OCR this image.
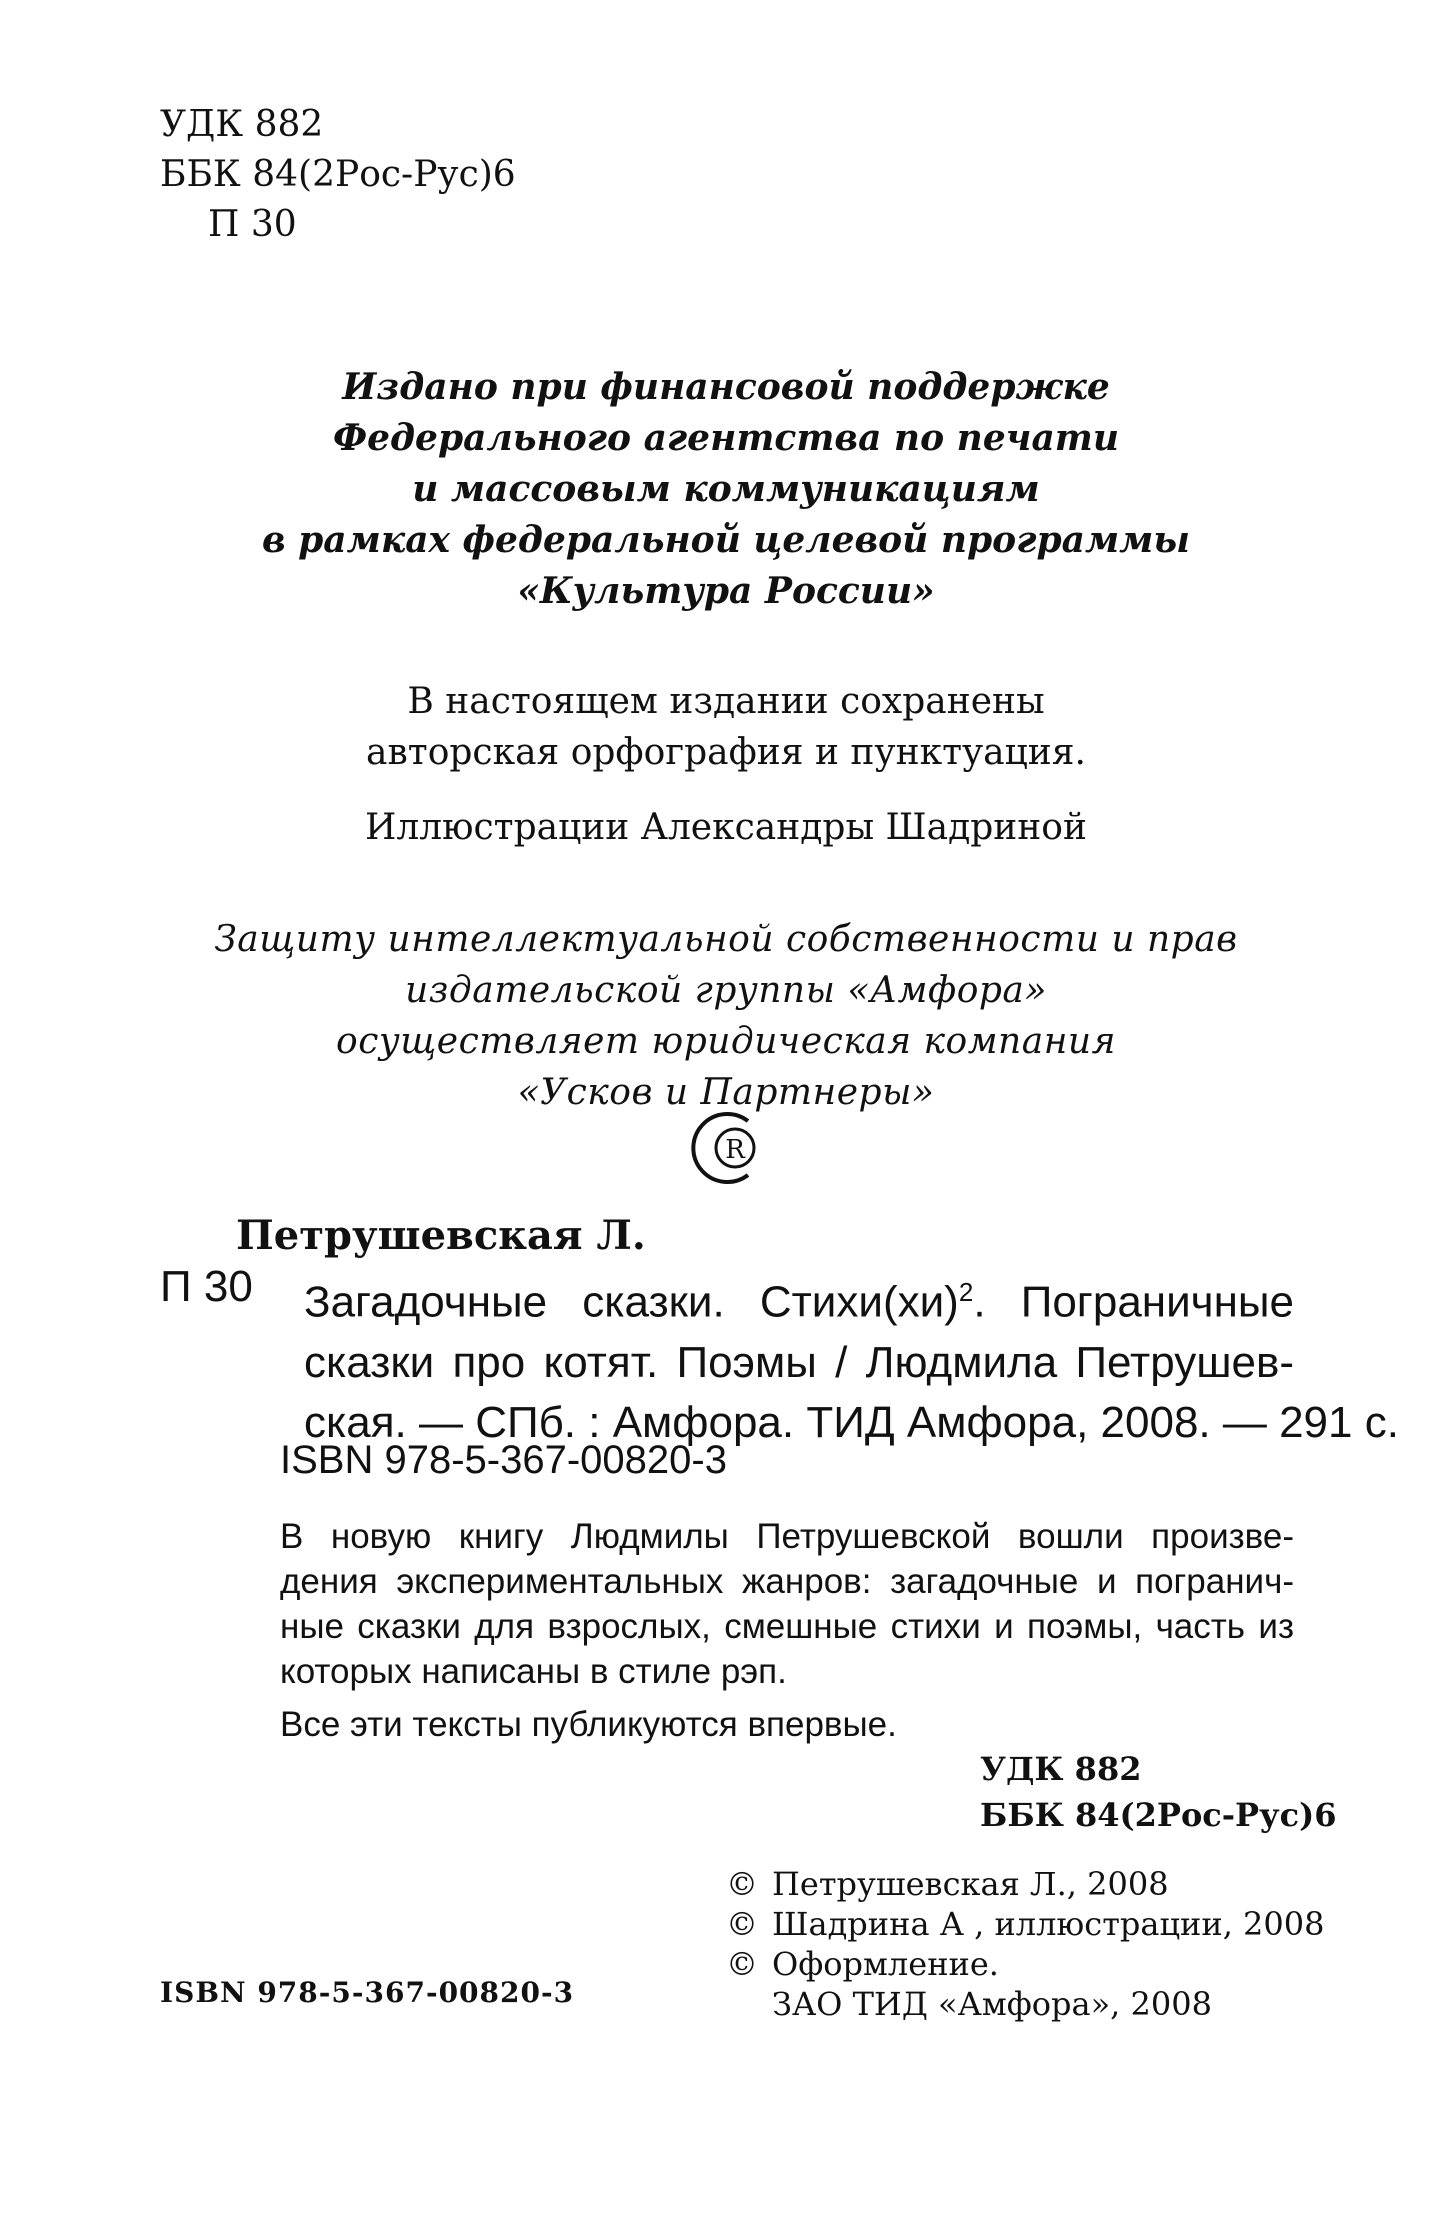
УДК 882
ББК 84(2Рос-Рус)6
П 30
Издано при финансовой поддержке
Федерального агентства по печати
и массовым коммуникациям
в рамках федеральной целевой программы
«Культура России»
В настоящем издании сохранены
авторская орфография и пунктуация.
Иллюстрации Александры Шадриной
Защиту интеллектуальной собственности и прав
издательской группы «Амфора»
осуществляет юридическая компания
«Усков и Партнеры»
R
Петрушевская Л.
П 30 Загадочные сказки. Стихи(хи)$^2$. Пограничные
сказки про котят. Поэмы / Людмила Петрушев-
ская. — СПб. : Амфора. ТИД Амфора, 2008. — 291 с.
ISBN 978-5-367-00820-3
В новую книгу Людмилы Петрушевской вошли произве-
дения экспериментальных жанров: загадочные и погранич-
ные сказки для взрослых, смешные стихи и поэмы, часть из
которых написаны в стиле рэп.
Все эти тексты публикуются впервые.
УДК 882
ББК 84(2Рос-Рус)6
© Петрушевская Л., 2008
© Шадрина А , иллюстрации, 2008
© Оформление.
ЗАО ТИД «Амфора», 2008
ISBN 978-5-367-00820-3
